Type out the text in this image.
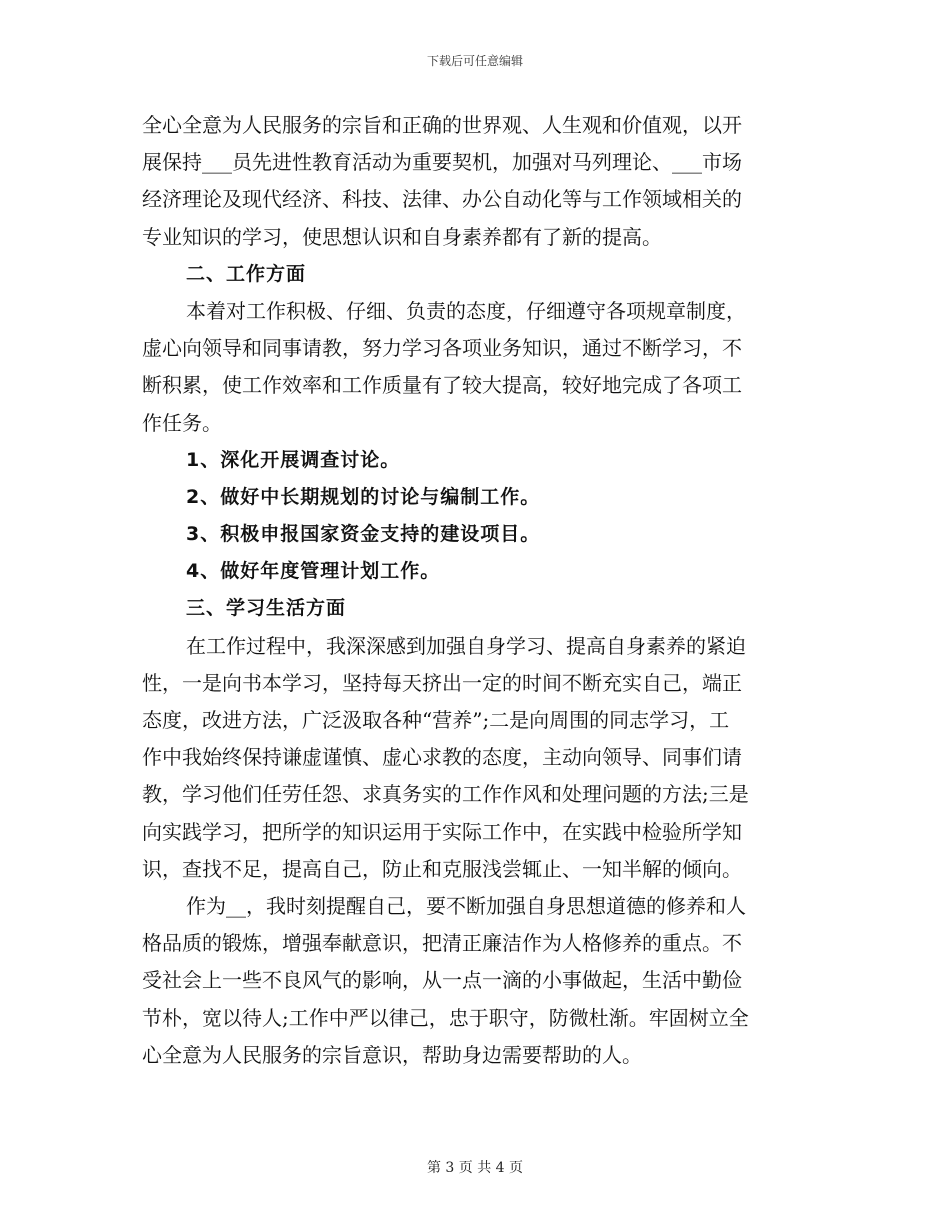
下载后可任意编辑
全心全意为人民服务的宗旨和正确的世界观、人生观和价值观，以开
展保持___员先进性教育活动为重要契机，加强对马列理论、___市场
经济理论及现代经济、科技、法律、办公自动化等与工作领域相关的
专业知识的学习，使思想认识和自身素养都有了新的提高。
二、工作方面
本着对工作积极、仔细、负责的态度，仔细遵守各项规章制度，
虚心向领导和同事请教，努力学习各项业务知识，通过不断学习，不
断积累，使工作效率和工作质量有了较大提高，较好地完成了各项工
作任务。
1、深化开展调查讨论。
2、做好中长期规划的讨论与编制工作。
3、积极申报国家资金支持的建设项目。
4、做好年度管理计划工作。
三、学习生活方面
在工作过程中，我深深感到加强自身学习、提高自身素养的紧迫
性，一是向书本学习，坚持每天挤出一定的时间不断充实自己，端正
态度，改进方法，广泛汲取各种“营养”;二是向周围的同志学习，工
作中我始终保持谦虚谨慎、虚心求教的态度，主动向领导、同事们请
教，学习他们任劳任怨、求真务实的工作作风和处理问题的方法;三是
向实践学习，把所学的知识运用于实际工作中，在实践中检验所学知
识，查找不足，提高自己，防止和克服浅尝辄止、一知半解的倾向。
作为__，我时刻提醒自己，要不断加强自身思想道德的修养和人
格品质的锻炼，增强奉献意识，把清正廉洁作为人格修养的重点。不
受社会上一些不良风气的影响，从一点一滴的小事做起，生活中勤俭
节朴，宽以待人;工作中严以律己，忠于职守，防微杜渐。牢固树立全
心全意为人民服务的宗旨意识，帮助身边需要帮助的人。
第 3 页 共 4 页
